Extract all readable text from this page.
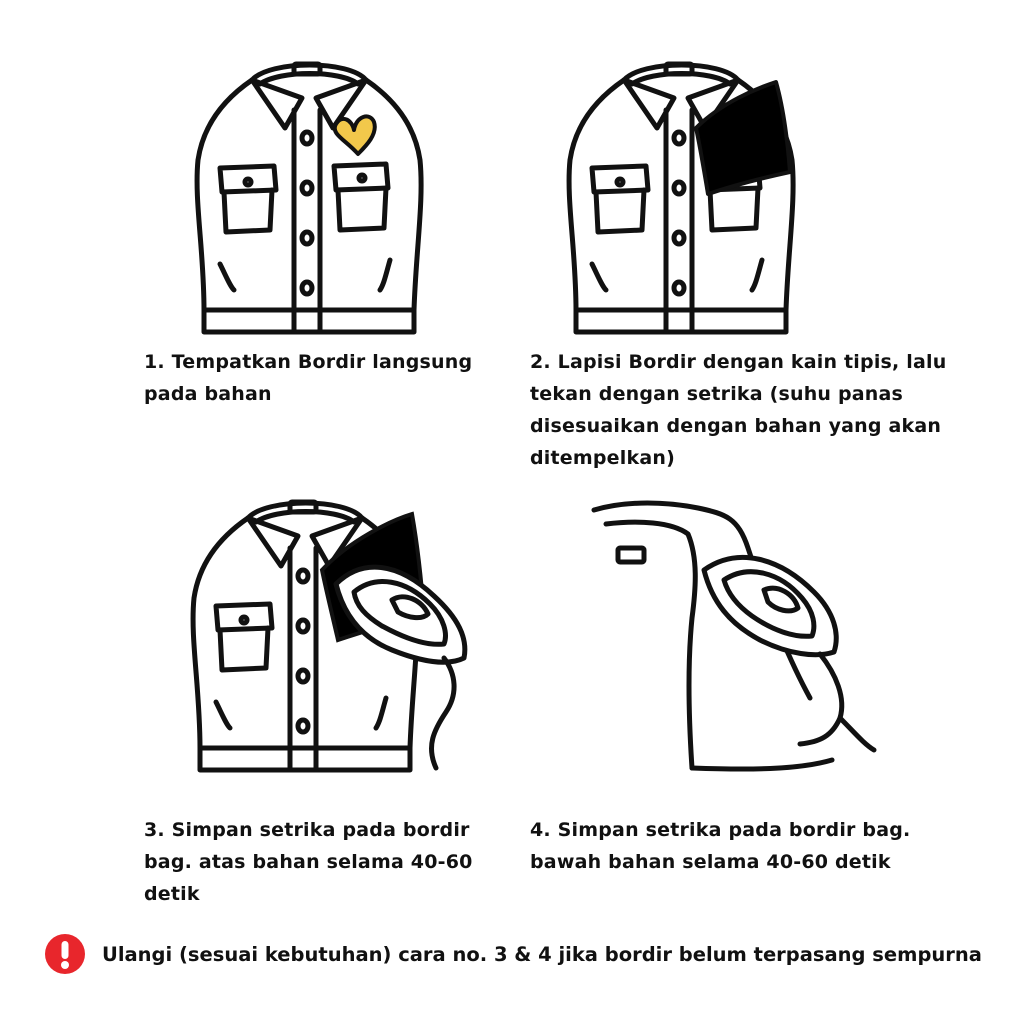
1. Tempatkan Bordir langsung pada bahan

2. Lapisi Bordir dengan kain tipis, lalu tekan dengan setrika (suhu panas disesuaikan dengan bahan yang akan ditempelkan)

3. Simpan setrika pada bordir bag. atas bahan selama 40-60 detik

4. Simpan setrika pada bordir bag. bawah bahan selama 40-60 detik

Ulangi (sesuai kebutuhan) cara no. 3 & 4 jika bordir belum terpasang sempurna
